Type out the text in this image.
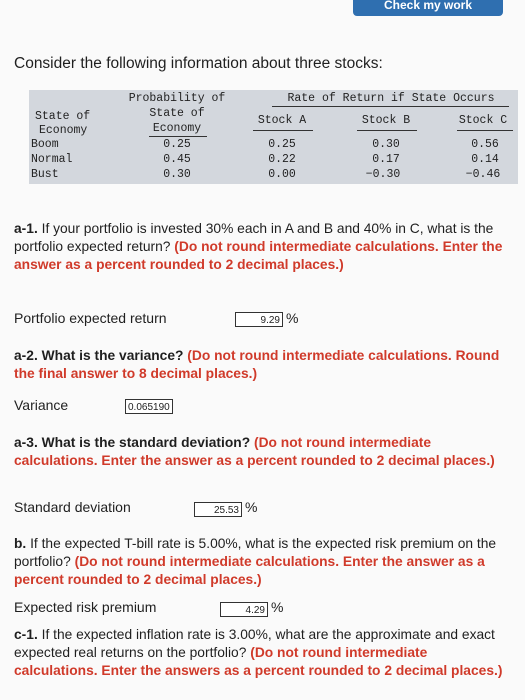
Check my work
Consider the following information about three stocks:
State of
Economy
Probability of
State of
Economy
Rate of Return if State Occurs
Stock A	Stock B	Stock C
Boom	0.25	0.25	0.30	0.56
Normal	0.45	0.22	0.17	0.14
Bust	0.30	0.00	−0.30	−0.46
a-1. If your portfolio is invested 30% each in A and B and 40% in C, what is the portfolio expected return? (Do not round intermediate calculations. Enter the answer as a percent rounded to 2 decimal places.)
Portfolio expected return	9.29 %
a-2. What is the variance? (Do not round intermediate calculations. Round the final answer to 8 decimal places.)
Variance	0.065190
a-3. What is the standard deviation? (Do not round intermediate calculations. Enter the answer as a percent rounded to 2 decimal places.)
Standard deviation	25.53 %
b. If the expected T-bill rate is 5.00%, what is the expected risk premium on the portfolio? (Do not round intermediate calculations. Enter the answer as a percent rounded to 2 decimal places.)
Expected risk premium	4.29 %
c-1. If the expected inflation rate is 3.00%, what are the approximate and exact expected real returns on the portfolio? (Do not round intermediate calculations. Enter the answers as a percent rounded to 2 decimal places.)
